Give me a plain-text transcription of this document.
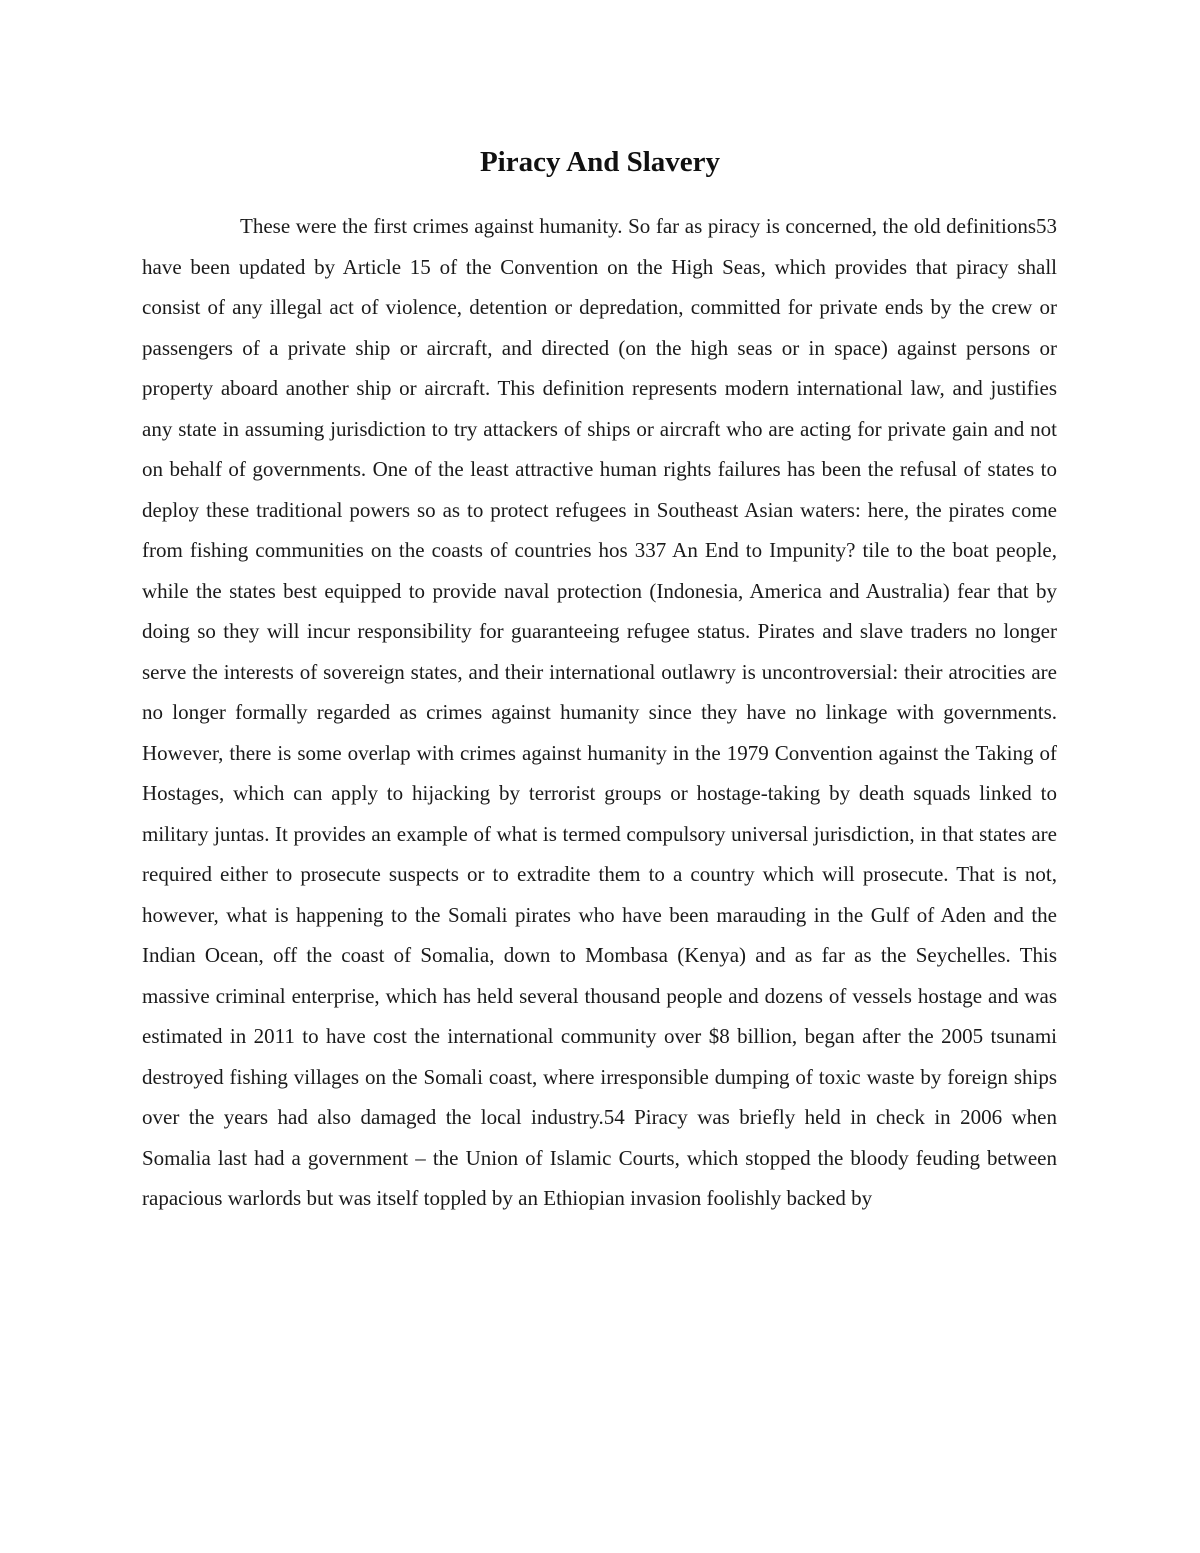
Piracy And Slavery

These were the first crimes against humanity. So far as piracy is concerned, the old definitions53 have been updated by Article 15 of the Convention on the High Seas, which provides that piracy shall consist of any illegal act of violence, detention or depredation, committed for private ends by the crew or passengers of a private ship or aircraft, and directed (on the high seas or in space) against persons or property aboard another ship or aircraft. This definition represents modern international law, and justifies any state in assuming jurisdiction to try attackers of ships or aircraft who are acting for private gain and not on behalf of governments. One of the least attractive human rights failures has been the refusal of states to deploy these traditional powers so as to protect refugees in Southeast Asian waters: here, the pirates come from fishing communities on the coasts of countries hos 337 An End to Impunity? tile to the boat people, while the states best equipped to provide naval protection (Indonesia, America and Australia) fear that by doing so they will incur responsibility for guaranteeing refugee status. Pirates and slave traders no longer serve the interests of sovereign states, and their international outlawry is uncontroversial: their atrocities are no longer formally regarded as crimes against humanity since they have no linkage with governments. However, there is some overlap with crimes against humanity in the 1979 Convention against the Taking of Hostages, which can apply to hijacking by terrorist groups or hostage-taking by death squads linked to military juntas. It provides an example of what is termed compulsory universal jurisdiction, in that states are required either to prosecute suspects or to extradite them to a country which will prosecute. That is not, however, what is happening to the Somali pirates who have been marauding in the Gulf of Aden and the Indian Ocean, off the coast of Somalia, down to Mombasa (Kenya) and as far as the Seychelles. This massive criminal enterprise, which has held several thousand people and dozens of vessels hostage and was estimated in 2011 to have cost the international community over $8 billion, began after the 2005 tsunami destroyed fishing villages on the Somali coast, where irresponsible dumping of toxic waste by foreign ships over the years had also damaged the local industry.54 Piracy was briefly held in check in 2006 when Somalia last had a government – the Union of Islamic Courts, which stopped the bloody feuding between rapacious warlords but was itself toppled by an Ethiopian invasion foolishly backed by
